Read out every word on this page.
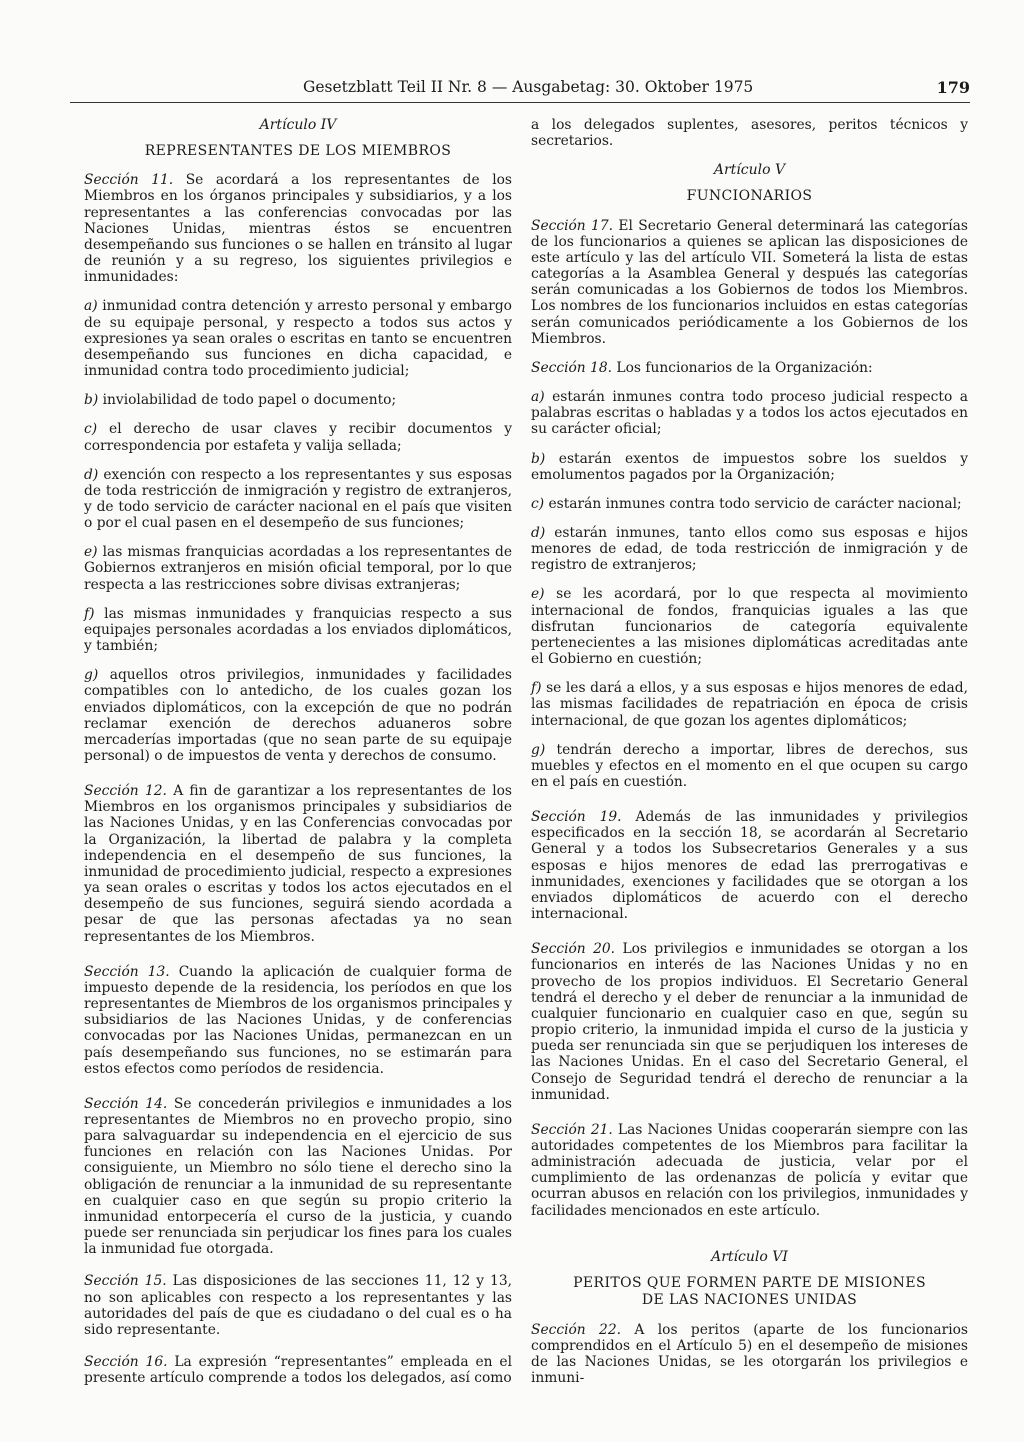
Gesetzblatt Teil II Nr. 8 — Ausgabetag: 30. Oktober 1975	179
Artículo IV
REPRESENTANTES DE LOS MIEMBROS

Sección 11. Se acordará a los representantes de los Miembros en los órganos principales y subsidiarios, y a los representantes a las conferencias convocadas por las Naciones Unidas, mientras éstos se encuentren desempeñando sus funciones o se hallen en tránsito al lugar de reunión y a su regreso, los siguientes privilegios e inmunidades:

a) inmunidad contra detención y arresto personal y embargo de su equipaje personal, y respecto a todos sus actos y expresiones ya sean orales o escritas en tanto se encuentren desempeñando sus funciones en dicha capacidad, e inmunidad contra todo procedimiento judicial;

b) inviolabilidad de todo papel o documento;

c) el derecho de usar claves y recibir documentos y correspondencia por estafeta y valija sellada;

d) exención con respecto a los representantes y sus esposas de toda restricción de inmigración y registro de extranjeros, y de todo servicio de carácter nacional en el país que visiten o por el cual pasen en el desempeño de sus funciones;

e) las mismas franquicias acordadas a los representantes de Gobiernos extranjeros en misión oficial temporal, por lo que respecta a las restricciones sobre divisas extranjeras;

f) las mismas inmunidades y franquicias respecto a sus equipajes personales acordadas a los enviados diplomáticos, y también;

g) aquellos otros privilegios, inmunidades y facilidades compatibles con lo antedicho, de los cuales gozan los enviados diplomáticos, con la excepción de que no podrán reclamar exención de derechos aduaneros sobre mercaderías importadas (que no sean parte de su equipaje personal) o de impuestos de venta y derechos de consumo.

Sección 12. A fin de garantizar a los representantes de los Miembros en los organismos principales y subsidiarios de las Naciones Unidas, y en las Conferencias convocadas por la Organización, la libertad de palabra y la completa independencia en el desempeño de sus funciones, la inmunidad de procedimiento judicial, respecto a expresiones ya sean orales o escritas y todos los actos ejecutados en el desempeño de sus funciones, seguirá siendo acordada a pesar de que las personas afectadas ya no sean representantes de los Miembros.

Sección 13. Cuando la aplicación de cualquier forma de impuesto depende de la residencia, los períodos en que los representantes de Miembros de los organismos principales y subsidiarios de las Naciones Unidas, y de conferencias convocadas por las Naciones Unidas, permanezcan en un país desempeñando sus funciones, no se estimarán para estos efectos como períodos de residencia.

Sección 14. Se concederán privilegios e inmunidades a los representantes de Miembros no en provecho propio, sino para salvaguardar su independencia en el ejercicio de sus funciones en relación con las Naciones Unidas. Por consiguiente, un Miembro no sólo tiene el derecho sino la obligación de renunciar a la inmunidad de su representante en cualquier caso en que según su propio criterio la inmunidad entorpecería el curso de la justicia, y cuando puede ser renunciada sin perjudicar los fines para los cuales la inmunidad fue otorgada.

Sección 15. Las disposiciones de las secciones 11, 12 y 13, no son aplicables con respecto a los representantes y las autoridades del país de que es ciudadano o del cual es o ha sido representante.

Sección 16. La expresión “representantes” empleada en el presente artículo comprende a todos los delegados, así como

a los delegados suplentes, asesores, peritos técnicos y secretarios.

Artículo V
FUNCIONARIOS

Sección 17. El Secretario General determinará las categorías de los funcionarios a quienes se aplican las disposiciones de este artículo y las del artículo VII. Someterá la lista de estas categorías a la Asamblea General y después las categorías serán comunicadas a los Gobiernos de todos los Miembros. Los nombres de los funcionarios incluidos en estas categorías serán comunicados periódicamente a los Gobiernos de los Miembros.

Sección 18. Los funcionarios de la Organización:

a) estarán inmunes contra todo proceso judicial respecto a palabras escritas o habladas y a todos los actos ejecutados en su carácter oficial;

b) estarán exentos de impuestos sobre los sueldos y emolumentos pagados por la Organización;

c) estarán inmunes contra todo servicio de carácter nacional;

d) estarán inmunes, tanto ellos como sus esposas e hijos menores de edad, de toda restricción de inmigración y de registro de extranjeros;

e) se les acordará, por lo que respecta al movimiento internacional de fondos, franquicias iguales a las que disfrutan funcionarios de categoría equivalente pertenecientes a las misiones diplomáticas acreditadas ante el Gobierno en cuestión;

f) se les dará a ellos, y a sus esposas e hijos menores de edad, las mismas facilidades de repatriación en época de crisis internacional, de que gozan los agentes diplomáticos;

g) tendrán derecho a importar, libres de derechos, sus muebles y efectos en el momento en el que ocupen su cargo en el país en cuestión.

Sección 19. Además de las inmunidades y privilegios especificados en la sección 18, se acordarán al Secretario General y a todos los Subsecretarios Generales y a sus esposas e hijos menores de edad las prerrogativas e inmunidades, exenciones y facilidades que se otorgan a los enviados diplomáticos de acuerdo con el derecho internacional.

Sección 20. Los privilegios e inmunidades se otorgan a los funcionarios en interés de las Naciones Unidas y no en provecho de los propios individuos. El Secretario General tendrá el derecho y el deber de renunciar a la inmunidad de cualquier funcionario en cualquier caso en que, según su propio criterio, la inmunidad impida el curso de la justicia y pueda ser renunciada sin que se perjudiquen los intereses de las Naciones Unidas. En el caso del Secretario General, el Consejo de Seguridad tendrá el derecho de renunciar a la inmunidad.

Sección 21. Las Naciones Unidas cooperarán siempre con las autoridades competentes de los Miembros para facilitar la administración adecuada de justicia, velar por el cumplimiento de las ordenanzas de policía y evitar que ocurran abusos en relación con los privilegios, inmunidades y facilidades mencionados en este artículo.

Artículo VI
PERITOS QUE FORMEN PARTE DE MISIONES
DE LAS NACIONES UNIDAS

Sección 22. A los peritos (aparte de los funcionarios comprendidos en el Artículo 5) en el desempeño de misiones de las Naciones Unidas, se les otorgarán los privilegios e inmuni-
